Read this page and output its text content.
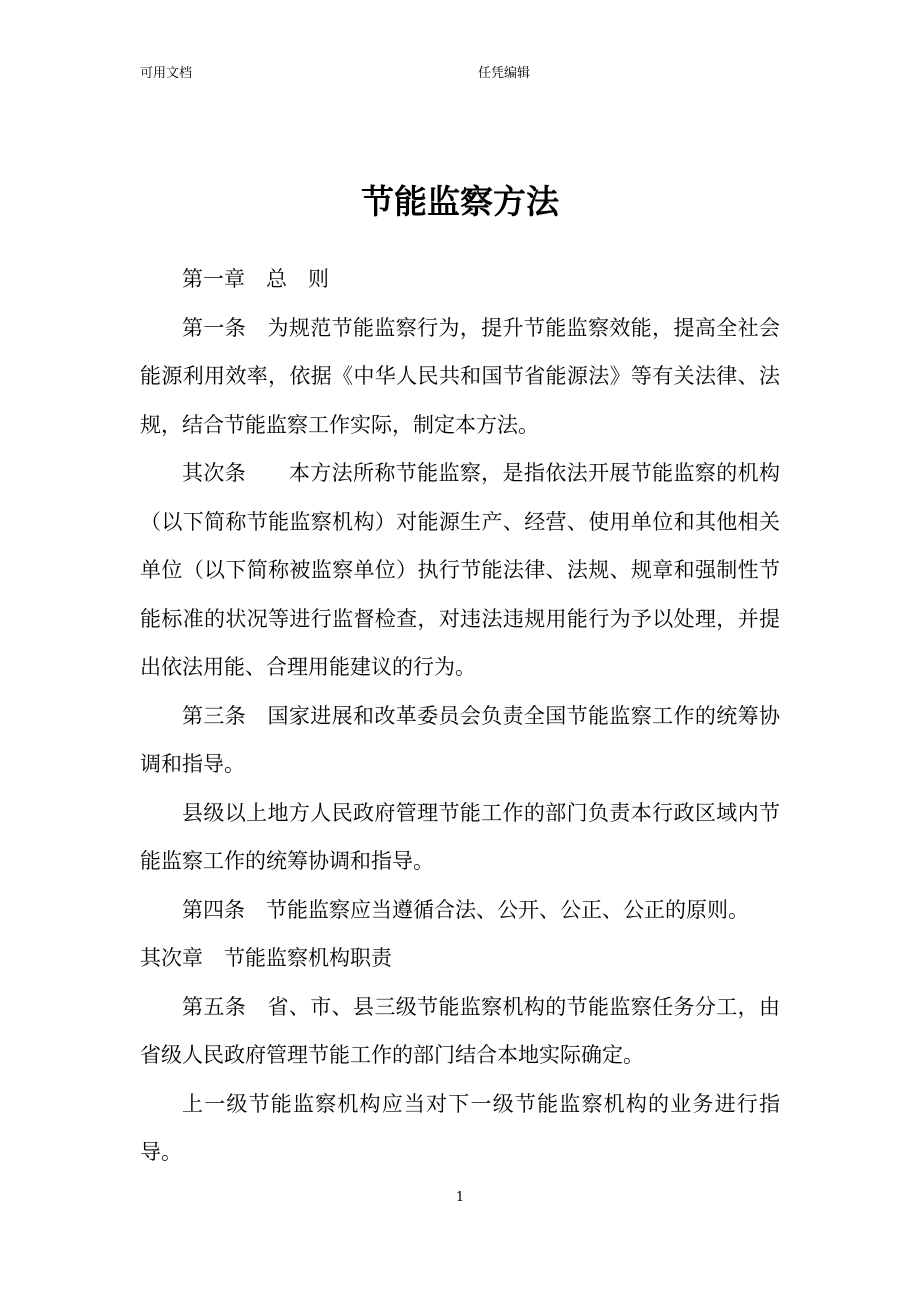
可用文档	任凭编辑
节能监察方法

第一章　总　则

第一条　为规范节能监察行为，提升节能监察效能，提高全社会能源利用效率，依据《中华人民共和国节省能源法》等有关法律、法规，结合节能监察工作实际，制定本方法。

其次条　　本方法所称节能监察，是指依法开展节能监察的机构（以下简称节能监察机构）对能源生产、经营、使用单位和其他相关单位（以下简称被监察单位）执行节能法律、法规、规章和强制性节能标准的状况等进行监督检查，对违法违规用能行为予以处理，并提出依法用能、合理用能建议的行为。

第三条　国家进展和改革委员会负责全国节能监察工作的统筹协调和指导。

县级以上地方人民政府管理节能工作的部门负责本行政区域内节能监察工作的统筹协调和指导。

第四条　节能监察应当遵循合法、公开、公正、公正的原则。

其次章　节能监察机构职责

第五条　省、市、县三级节能监察机构的节能监察任务分工，由省级人民政府管理节能工作的部门结合本地实际确定。

上一级节能监察机构应当对下一级节能监察机构的业务进行指导。

1
